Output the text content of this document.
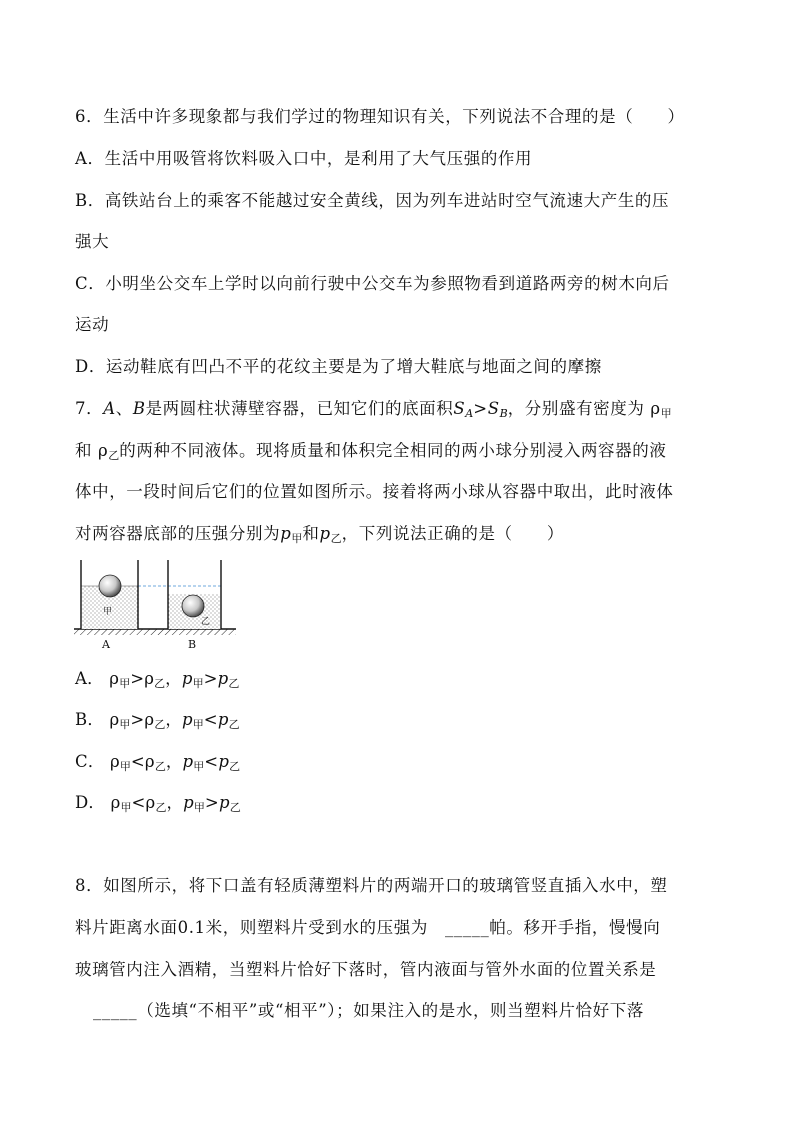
6．生活中许多现象都与我们学过的物理知识有关，下列说法不合理的是（　　）
A．生活中用吸管将饮料吸入口中，是利用了大气压强的作用
B．高铁站台上的乘客不能越过安全黄线，因为列车进站时空气流速大产生的压
强大
C．小明坐公交车上学时以向前行驶中公交车为参照物看到道路两旁的树木向后
运动
D．运动鞋底有凹凸不平的花纹主要是为了增大鞋底与地面之间的摩擦
7．A、B是两圆柱状薄壁容器，已知它们的底面积$S_A>S_B$，分别盛有密度为 $\rho_甲$
和 $\rho_乙$的两种不同液体。现将质量和体积完全相同的两小球分别浸入两容器的液
体中，一段时间后它们的位置如图所示。接着将两小球从容器中取出，此时液体
对两容器底部的压强分别为$p_甲$和$p_乙$，下列说法正确的是（　　）
甲
乙
A	B
A． $\rho_甲>\rho_乙$，$p_甲>p_乙$
B． $\rho_甲>\rho_乙$，$p_甲<p_乙$
C． $\rho_甲<\rho_乙$，$p_甲<p_乙$
D． $\rho_甲<\rho_乙$，$p_甲>p_乙$
8．如图所示，将下口盖有轻质薄塑料片的两端开口的玻璃管竖直插入水中，塑
料片距离水面0.1米，则塑料片受到水的压强为　_____帕。移开手指，慢慢向
玻璃管内注入酒精，当塑料片恰好下落时，管内液面与管外水面的位置关系是
_____（选填“不相平”或“相平”）；如果注入的是水，则当塑料片恰好下落
